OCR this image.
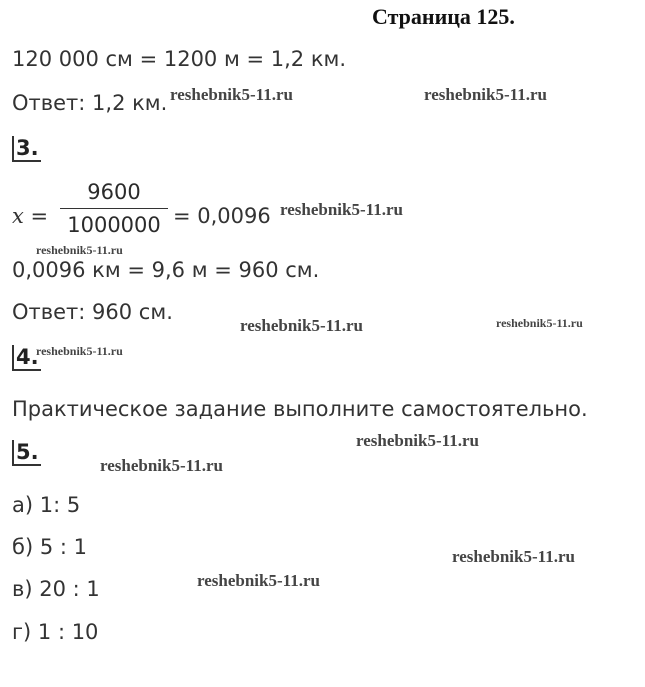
Страница 125.
120 000 см = 1200 м = 1,2 км.
Ответ: 1,2 км.
3.
x =
9600
1000000 = 0,0096
0,0096 км = 9,6 м = 960 см.
Ответ: 960 см.
4.
Практическое задание выполните самостоятельно.
5.
а) 1: 5
б) 5 : 1
в) 20 : 1
г) 1 : 10
reshebnik5-11.ru	reshebnik5-11.ru
reshebnik5-11.ru
reshebnik5-11.ru
reshebnik5-11.ru	reshebnik5-11.ru
reshebnik5-11.ru
reshebnik5-11.ru
reshebnik5-11.ru
reshebnik5-11.ru
reshebnik5-11.ru
